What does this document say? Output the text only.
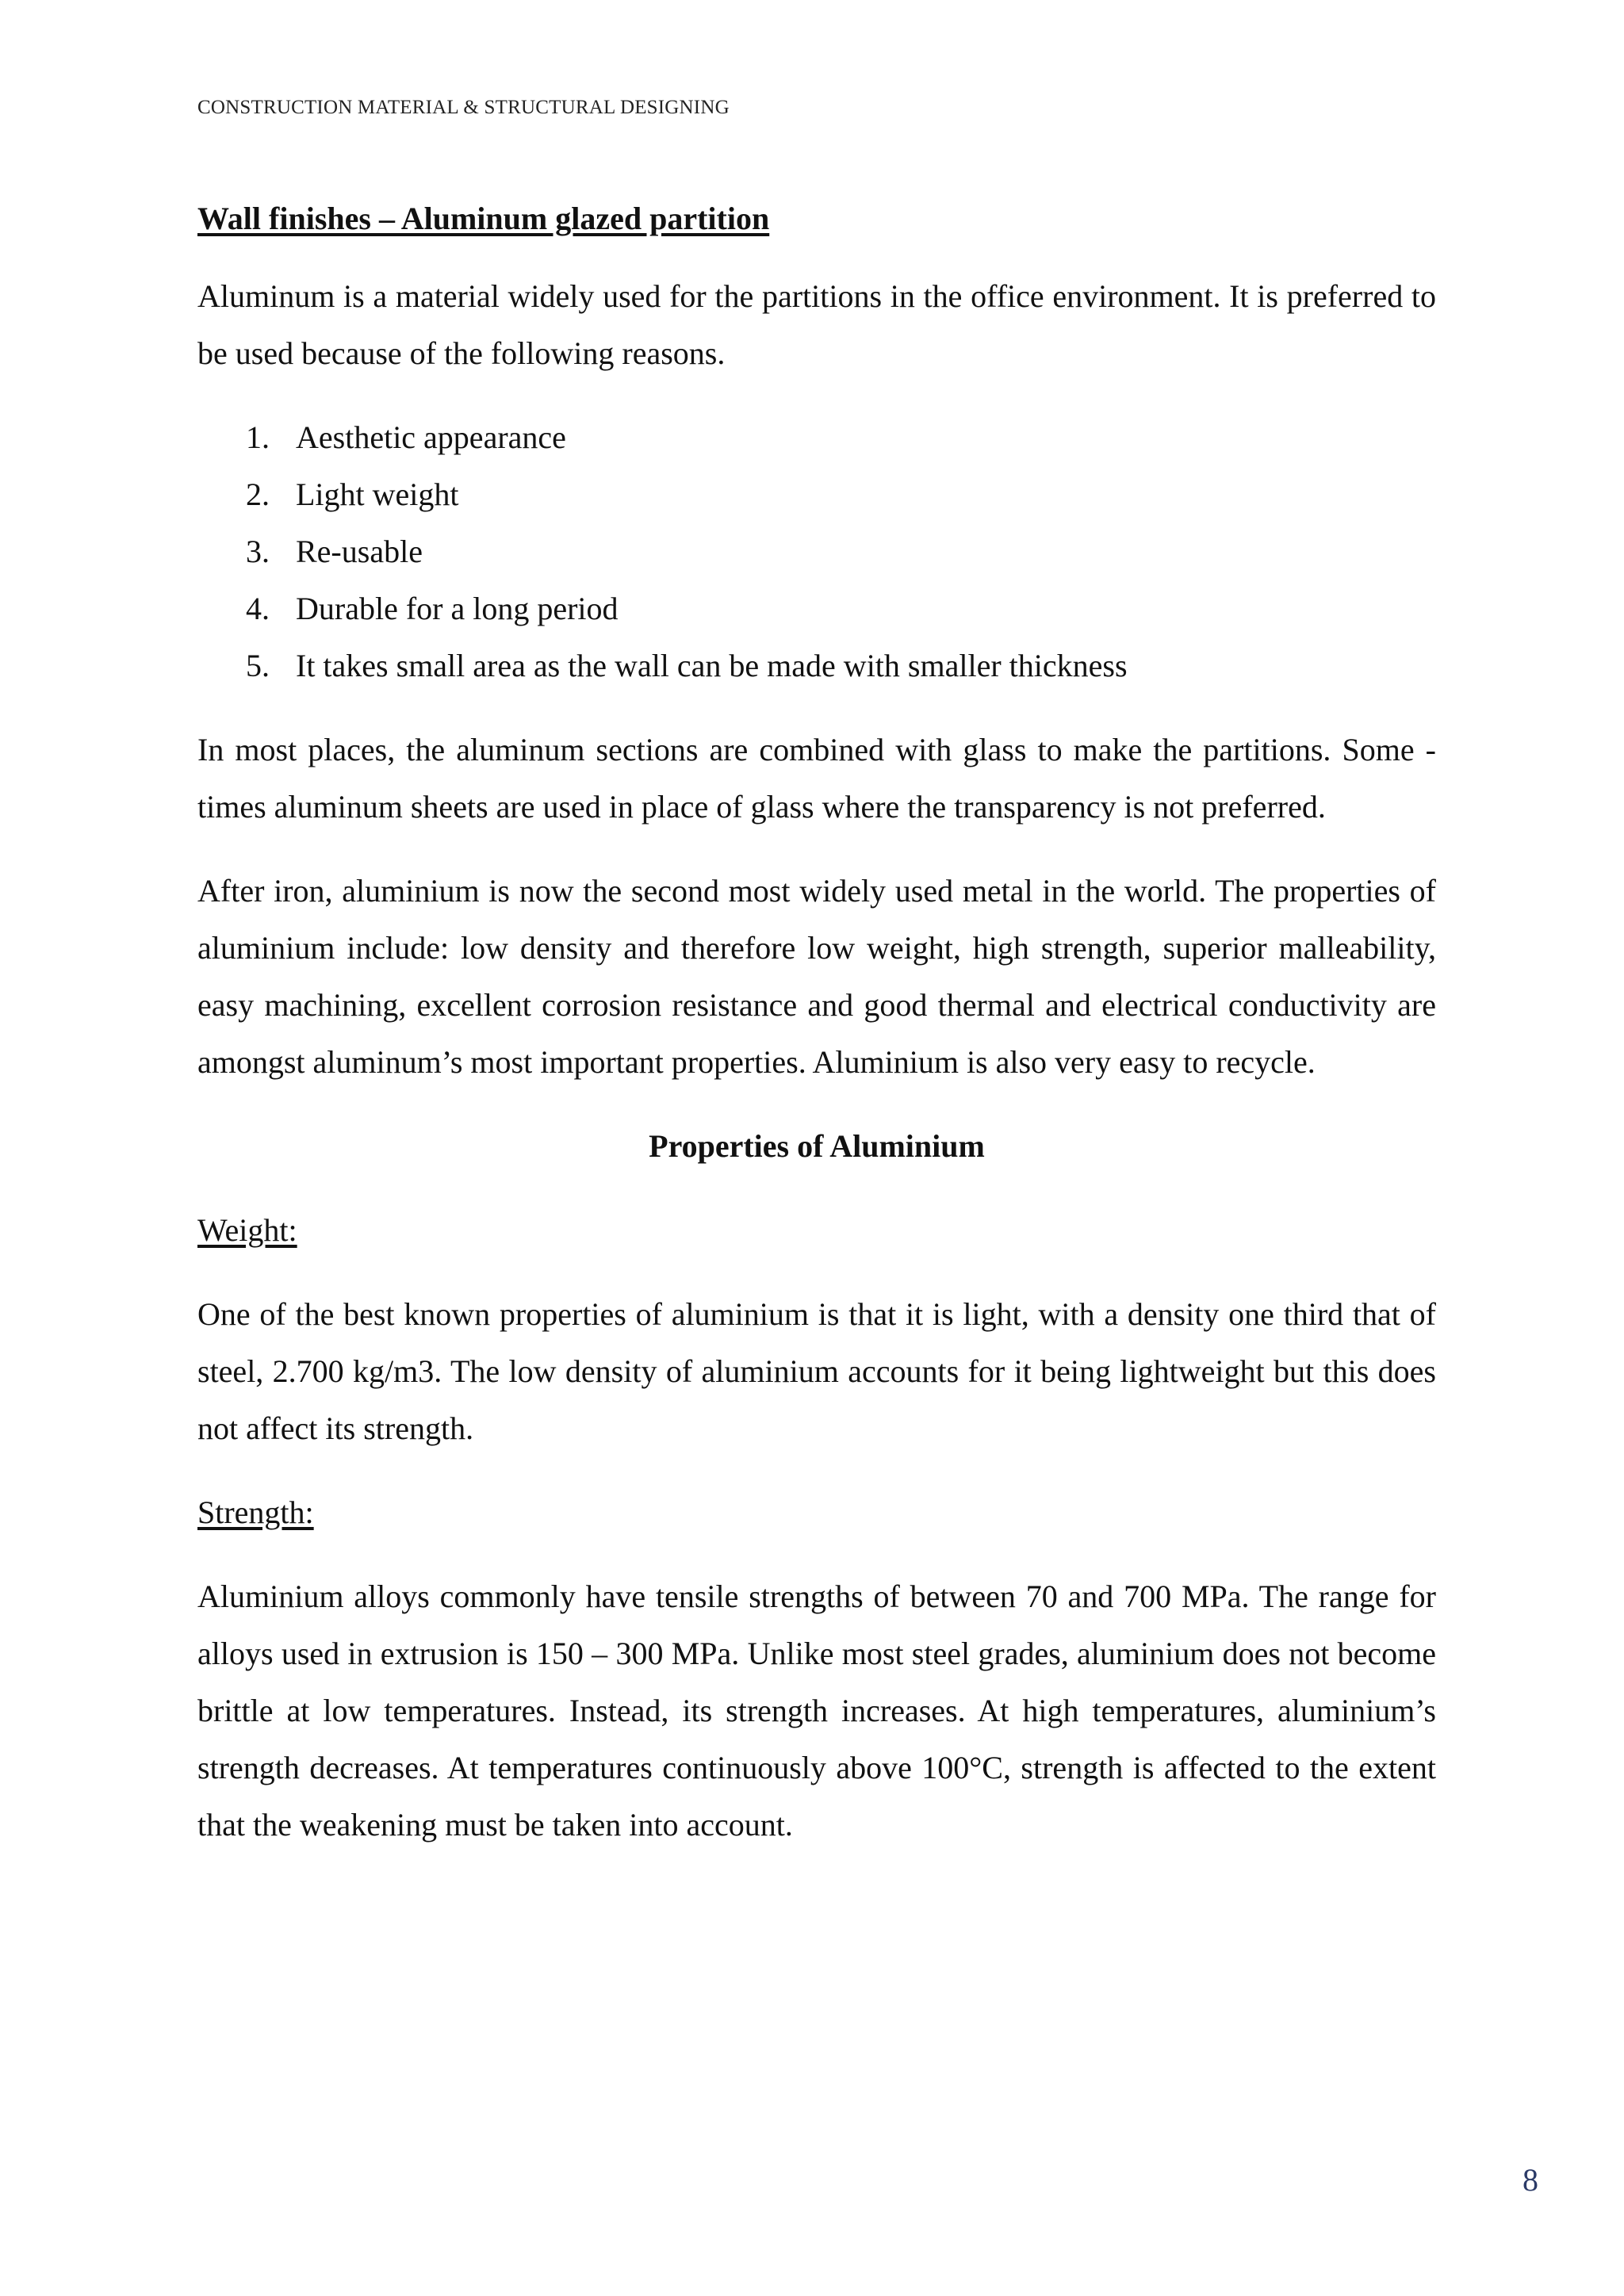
CONSTRUCTION MATERIAL & STRUCTURAL DESIGNING
Wall finishes – Aluminum glazed partition

Aluminum is a material widely used for the partitions in the office environment. It is preferred to be used because of the following reasons.

1. Aesthetic appearance
2. Light weight
3. Re-usable
4. Durable for a long period
5. It takes small area as the wall can be made with smaller thickness

In most places, the aluminum sections are combined with glass to make the partitions. Some - times aluminum sheets are used in place of glass where the transparency is not preferred.

After iron, aluminium is now the second most widely used metal in the world. The properties of aluminium include: low density and therefore low weight, high strength, superior malleability, easy machining, excellent corrosion resistance and good thermal and electrical conductivity are amongst aluminum’s most important properties. Aluminium is also very easy to recycle.

Properties of Aluminium
Weight:

One of the best known properties of aluminium is that it is light, with a density one third that of steel, 2.700 kg/m3. The low density of aluminium accounts for it being lightweight but this does not affect its strength.

Strength:

Aluminium alloys commonly have tensile strengths of between 70 and 700 MPa. The range for alloys used in extrusion is 150 – 300 MPa. Unlike most steel grades, aluminium does not become brittle at low temperatures. Instead, its strength increases. At high temperatures, aluminium’s strength decreases. At temperatures continuously above 100°C, strength is affected to the extent that the weakening must be taken into account.

8
